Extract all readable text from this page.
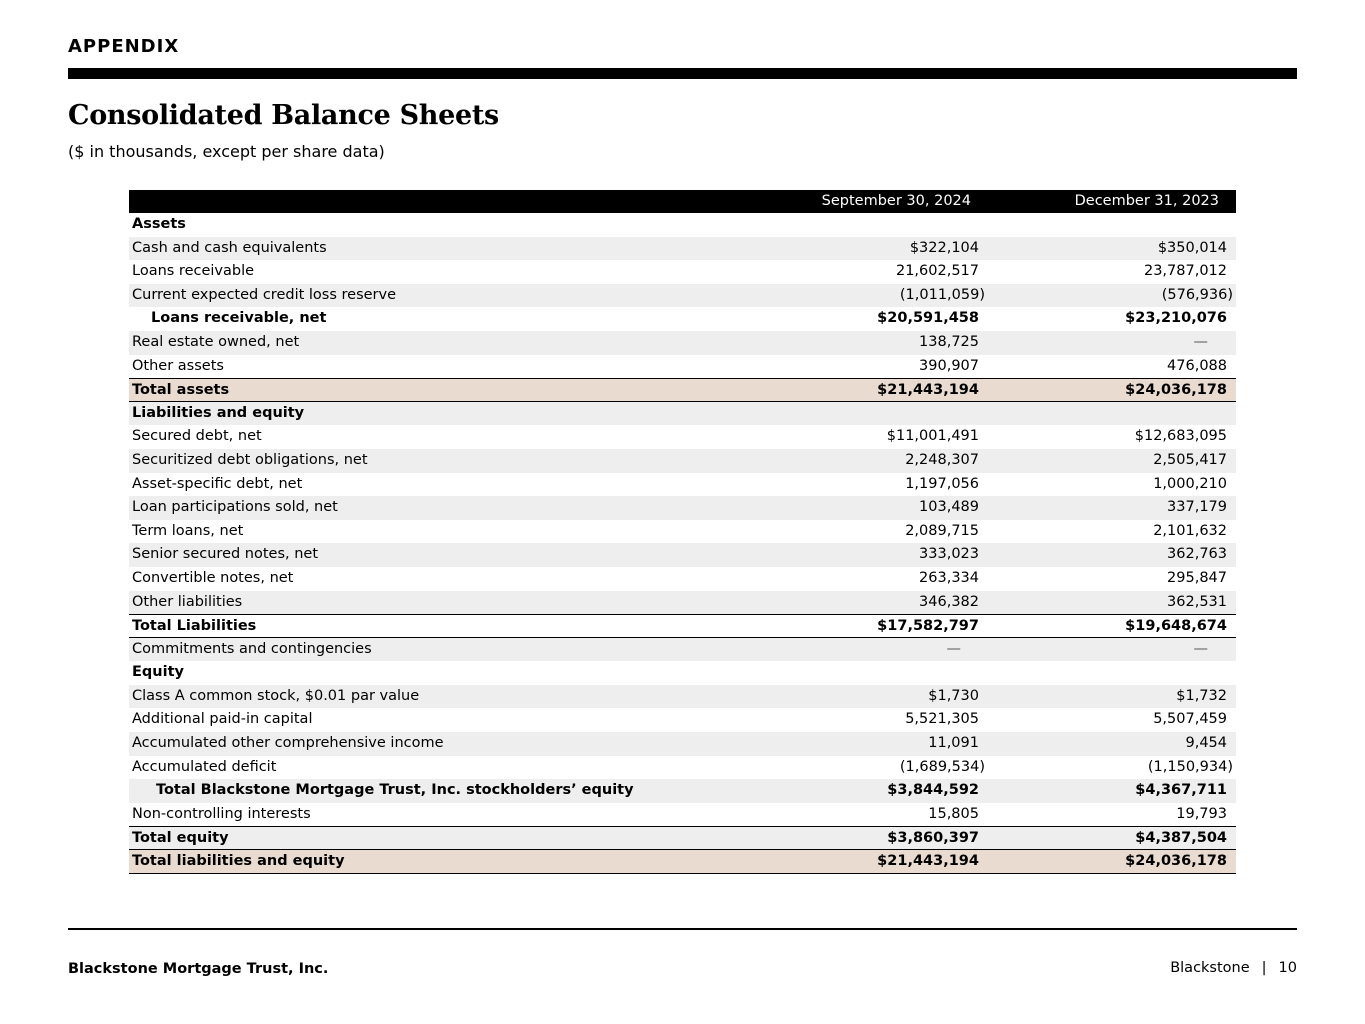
APPENDIX
Consolidated Balance Sheets
($ in thousands, except per share data)
September 30, 2024	December 31, 2023
Assets
Cash and cash equivalents	$322,104	$350,014
Loans receivable	21,602,517	23,787,012
Current expected credit loss reserve	(1,011,059)	(576,936)
Loans receivable, net	$20,591,458	$23,210,076
Real estate owned, net	138,725	—
Other assets	390,907	476,088
Total assets	$21,443,194	$24,036,178
Liabilities and equity
Secured debt, net	$11,001,491	$12,683,095
Securitized debt obligations, net	2,248,307	2,505,417
Asset-specific debt, net	1,197,056	1,000,210
Loan participations sold, net	103,489	337,179
Term loans, net	2,089,715	2,101,632
Senior secured notes, net	333,023	362,763
Convertible notes, net	263,334	295,847
Other liabilities	346,382	362,531
Total Liabilities	$17,582,797	$19,648,674
Commitments and contingencies	—	—
Equity
Class A common stock, $0.01 par value	$1,730	$1,732
Additional paid-in capital	5,521,305	5,507,459
Accumulated other comprehensive income	11,091	9,454
Accumulated deficit	(1,689,534)	(1,150,934)
Total Blackstone Mortgage Trust, Inc. stockholders’ equity	$3,844,592	$4,367,711
Non-controlling interests	15,805	19,793
Total equity	$3,860,397	$4,387,504
Total liabilities and equity	$21,443,194	$24,036,178
Blackstone Mortgage Trust, Inc.	Blackstone | 10
